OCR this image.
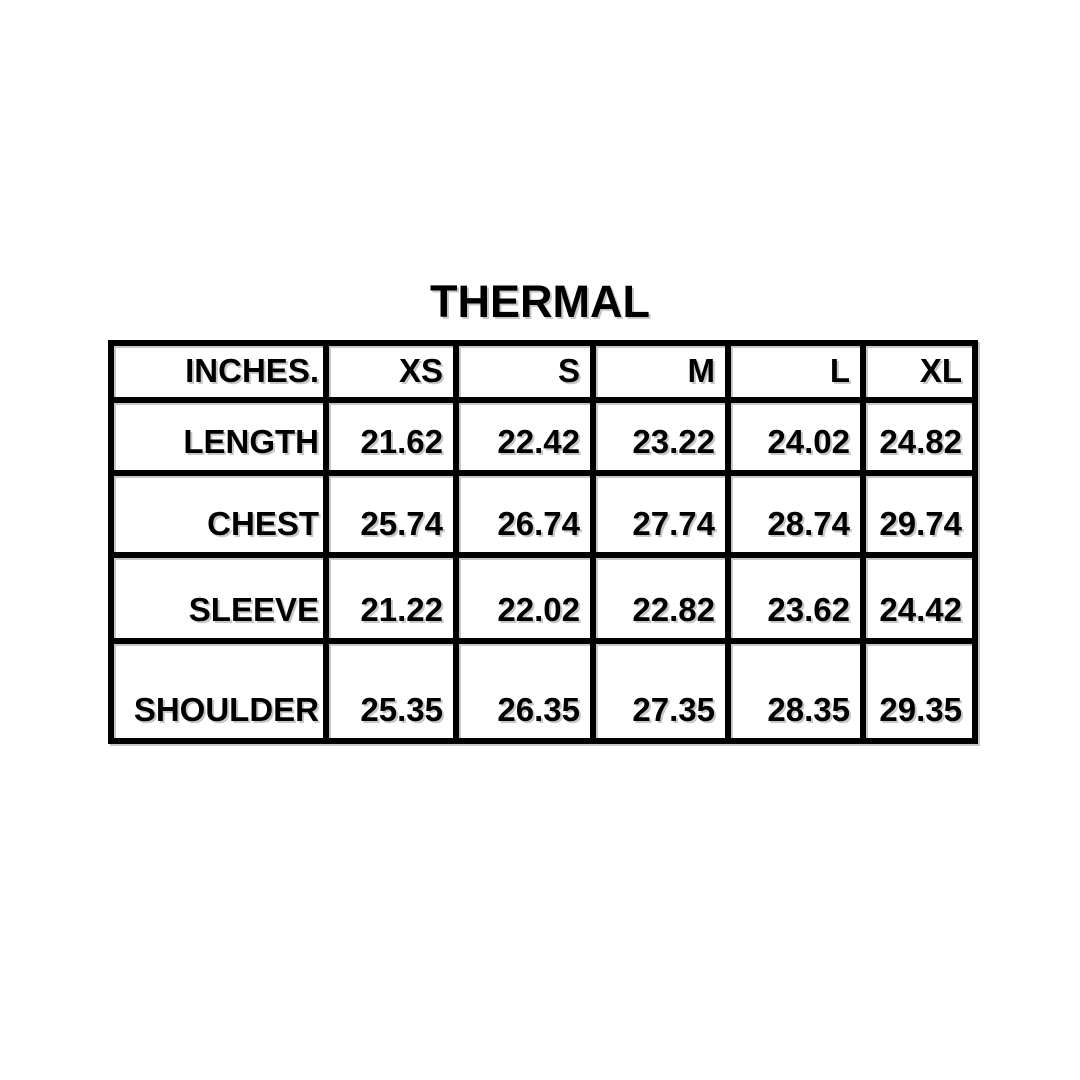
THERMAL
INCHES.	XS	S	M	L	XL
LENGTH	21.62	22.42	23.22	24.02	24.82
CHEST	25.74	26.74	27.74	28.74	29.74
SLEEVE	21.22	22.02	22.82	23.62	24.42
SHOULDER	25.35	26.35	27.35	28.35	29.35
